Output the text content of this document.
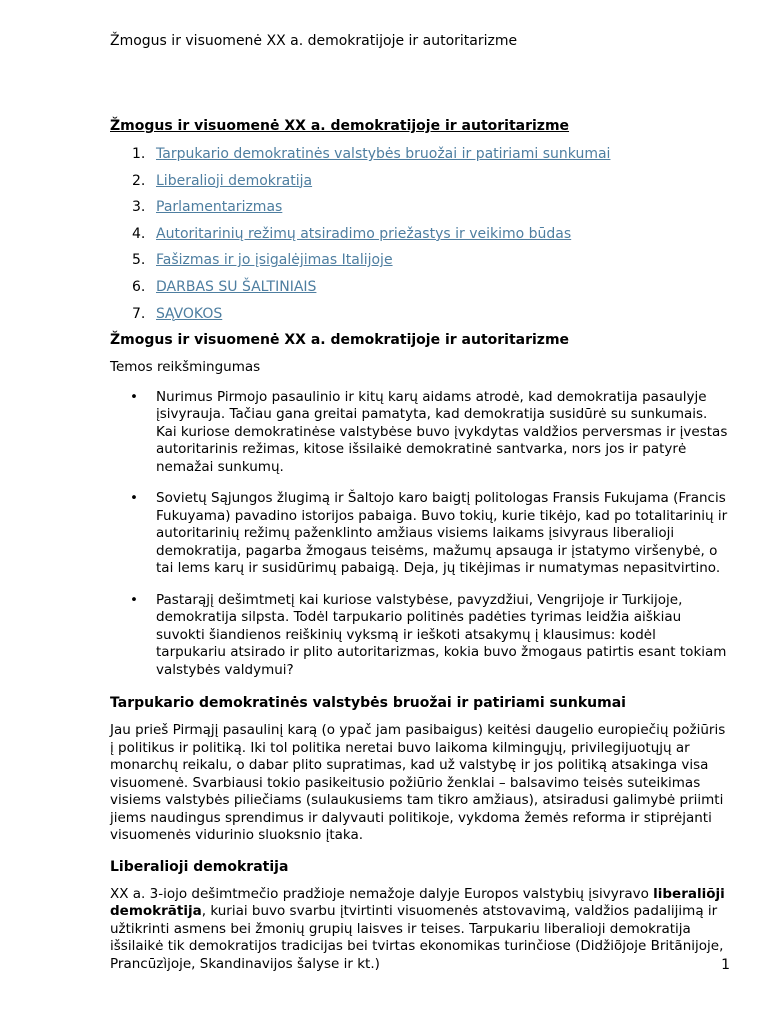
Žmogus ir visuomenė XX a. demokratijoje ir autoritarizme
Žmogus ir visuomenė XX a. demokratijoje ir autoritarizme
1. Tarpukario demokratinės valstybės bruožai ir patiriami sunkumai
2. Liberalioji demokratija
3. Parlamentarizmas
4. Autoritarinių režimų atsiradimo priežastys ir veikimo būdas
5. Fašizmas ir jo įsigalėjimas Italijoje
6. DARBAS SU ŠALTINIAIS
7. SĄVOKOS
Žmogus ir visuomenė XX a. demokratijoje ir autoritarizme

Temos reikšmingumas

• Nurimus Pirmojo pasaulinio ir kitų karų aidams atrodė, kad demokratija pasaulyje įsivyrauja. Tačiau gana greitai pamatyta, kad demokratija susidūrė su sunkumais. Kai kuriose demokratinėse valstybėse buvo įvykdytas valdžios perversmas ir įvestas autoritarinis režimas, kitose išsilaikė demokratinė santvarka, nors jos ir patyrė nemažai sunkumų.
• Sovietų Sąjungos žlugimą ir Šaltojo karo baigtį politologas Fransis Fukujama (Francis Fukuyama) pavadino istorijos pabaiga. Buvo tokių, kurie tikėjo, kad po totalitarinių ir autoritarinių režimų paženklinto amžiaus visiems laikams įsivyraus liberalioji demokratija, pagarba žmogaus teisėms, mažumų apsauga ir įstatymo viršenybė, o tai lems karų ir susidūrimų pabaigą. Deja, jų tikėjimas ir numatymas nepasitvirtino.
• Pastarąjį dešimtmetį kai kuriose valstybėse, pavyzdžiui, Vengrijoje ir Turkijoje, demokratija silpsta. Todėl tarpukario politinės padėties tyrimas leidžia aiškiau suvokti šiandienos reiškinių vyksmą ir ieškoti atsakymų į klausimus: kodėl tarpukariu atsirado ir plito autoritarizmas, kokia buvo žmogaus patirtis esant tokiam valstybės valdymui?
Tarpukario demokratinės valstybės bruožai ir patiriami sunkumai

Jau prieš Pirmąjį pasaulinį karą (o ypač jam pasibaigus) keitėsi daugelio europiečių požiūris į politikus ir politiką. Iki tol politika neretai buvo laikoma kilmingųjų, privilegijuotųjų ar monarchų reikalu, o dabar plito supratimas, kad už valstybę ir jos politiką atsakinga visa visuomenė. Svarbiausi tokio pasikeitusio požiūrio ženklai – balsavimo teisės suteikimas visiems valstybės piliečiams (sulaukusiems tam tikro amžiaus), atsiradusi galimybė priimti jiems naudingus sprendimus ir dalyvauti politikoje, vykdoma žemės reforma ir stiprėjanti visuomenės vidurinio sluoksnio įtaka.

Liberalioji demokratija

XX a. 3-iojo dešimtmečio pradžioje nemažoje dalyje Europos valstybių įsivyravo liberaliõji demokrãtija, kuriai buvo svarbu įtvirtinti visuomenės atstovavimą, valdžios padalijimą ir užtikrinti asmens bei žmonių grupių laisves ir teises. Tarpukariu liberalioji demokratija išsilaikė tik demokratijos tradicijas bei tvirtas ekonomikas turinčiose (Didžiõjoje Britãnijoje, Prancūzìjoje, Skandinavijos šalyse ir kt.)	1
